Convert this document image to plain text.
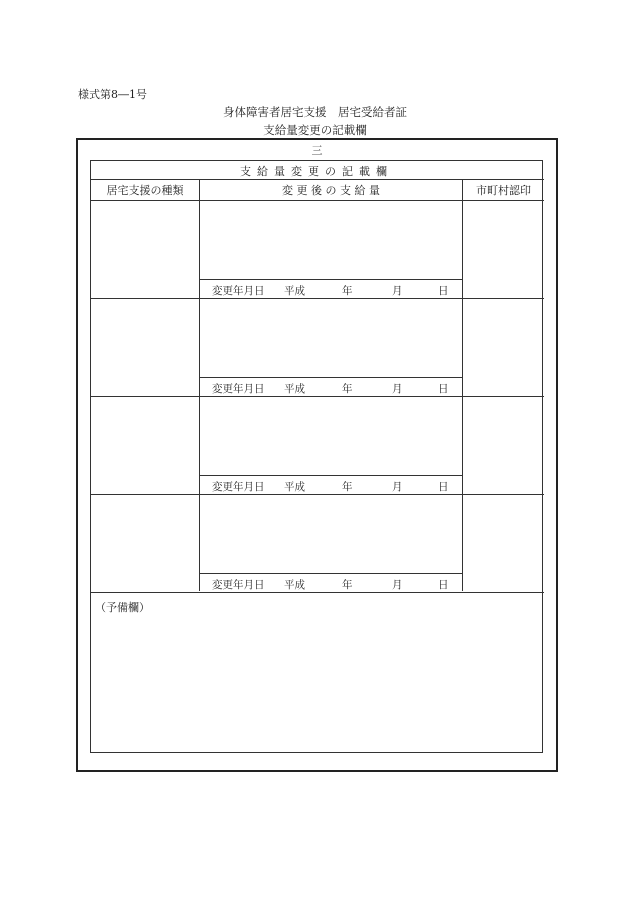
様式第8―1号
身体障害者居宅支援　居宅受給者証
支給量変更の記載欄
三
支給量変更の記載欄
居宅支援の種類	変 更 後 の 支 給 量	市町村認印
変更年月日 平成	年	月	日
変更年月日 平成	年	月	日
変更年月日 平成	年	月	日
変更年月日 平成	年	月	日
（予備欄）
